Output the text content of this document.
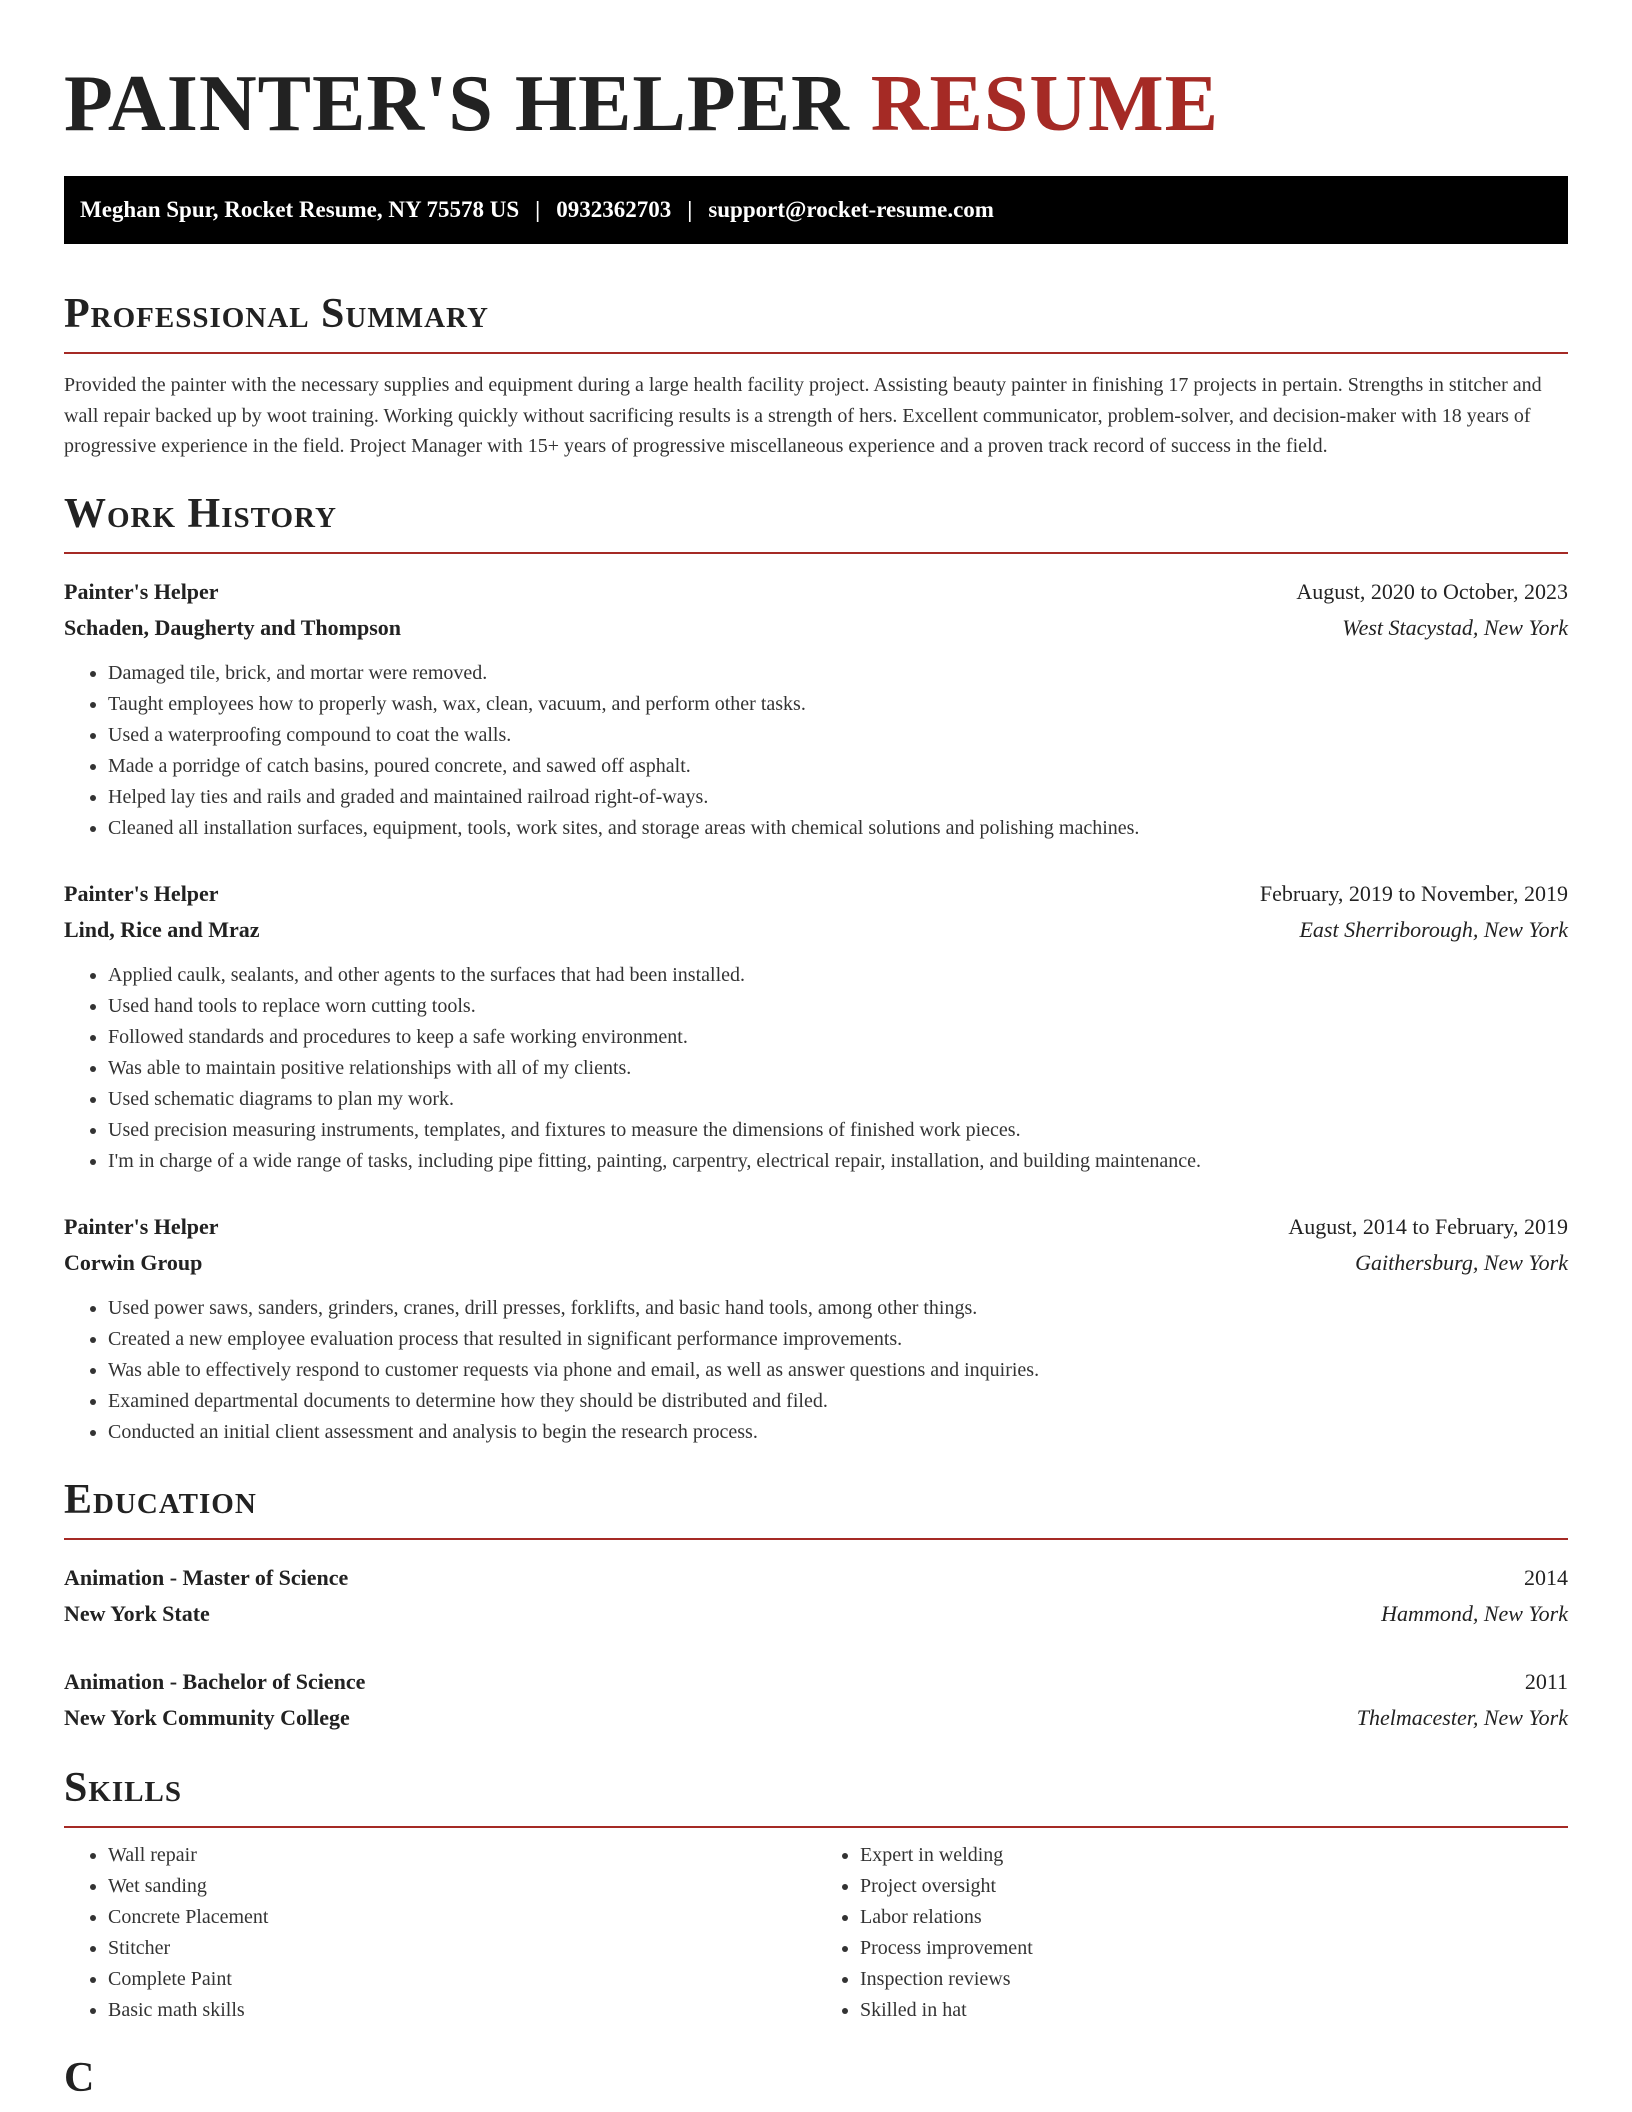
PAINTER'S HELPER RESUME
Meghan Spur, Rocket Resume, NY 75578 US | 0932362703 | support@rocket-resume.com
Professional Summary

Provided the painter with the necessary supplies and equipment during a large health facility project. Assisting beauty painter in finishing 17 projects in pertain. Strengths in stitcher and wall repair backed up by woot training. Working quickly without sacrificing results is a strength of hers. Excellent communicator, problem-solver, and decision-maker with 18 years of progressive experience in the field. Project Manager with 15+ years of progressive miscellaneous experience and a proven track record of success in the field.

Work History
Painter's Helper	August, 2020 to October, 2023
Schaden, Daugherty and Thompson	West Stacystad, New York
• Damaged tile, brick, and mortar were removed.
• Taught employees how to properly wash, wax, clean, vacuum, and perform other tasks.
• Used a waterproofing compound to coat the walls.
• Made a porridge of catch basins, poured concrete, and sawed off asphalt.
• Helped lay ties and rails and graded and maintained railroad right-of-ways.
• Cleaned all installation surfaces, equipment, tools, work sites, and storage areas with chemical solutions and polishing machines.
Painter's Helper	February, 2019 to November, 2019
Lind, Rice and Mraz	East Sherriborough, New York
• Applied caulk, sealants, and other agents to the surfaces that had been installed.
• Used hand tools to replace worn cutting tools.
• Followed standards and procedures to keep a safe working environment.
• Was able to maintain positive relationships with all of my clients.
• Used schematic diagrams to plan my work.
• Used precision measuring instruments, templates, and fixtures to measure the dimensions of finished work pieces.
• I'm in charge of a wide range of tasks, including pipe fitting, painting, carpentry, electrical repair, installation, and building maintenance.
Painter's Helper	August, 2014 to February, 2019
Corwin Group	Gaithersburg, New York
• Used power saws, sanders, grinders, cranes, drill presses, forklifts, and basic hand tools, among other things.
• Created a new employee evaluation process that resulted in significant performance improvements.
• Was able to effectively respond to customer requests via phone and email, as well as answer questions and inquiries.
• Examined departmental documents to determine how they should be distributed and filed.
• Conducted an initial client assessment and analysis to begin the research process.
Education
Animation - Master of Science	2014
New York State	Hammond, New York
Animation - Bachelor of Science	2011
New York Community College	Thelmacester, New York
Skills
• Wall repair
• Wet sanding
• Concrete Placement
• Stitcher
• Complete Paint
• Basic math skills
• Expert in welding
• Project oversight
• Labor relations
• Process improvement
• Inspection reviews
• Skilled in hat
C
